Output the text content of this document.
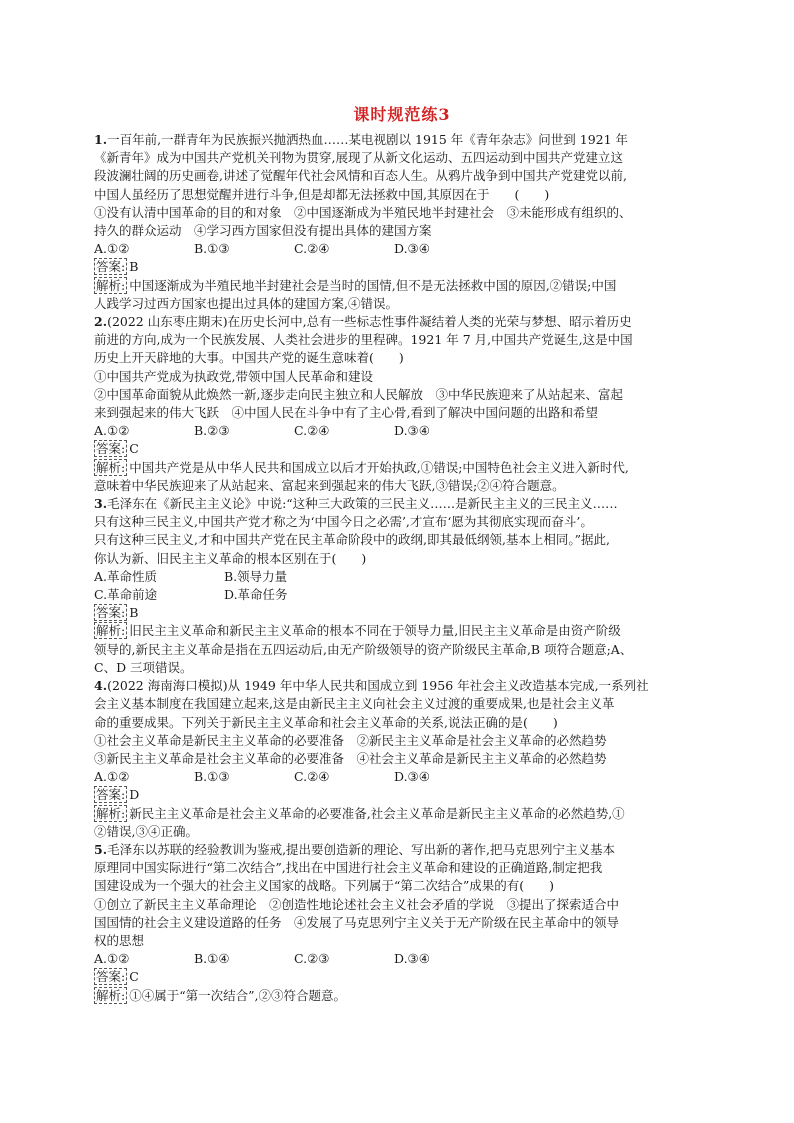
课时规范练3

1.一百年前,一群青年为民族振兴抛洒热血……某电视剧以 1915 年《青年杂志》问世到 1921 年

《新青年》成为中国共产党机关刊物为贯穿,展现了从新文化运动、五四运动到中国共产党建立这

段波澜壮阔的历史画卷,讲述了觉醒年代社会风情和百态人生。从鸦片战争到中国共产党建党以前,

中国人虽经历了思想觉醒并进行斗争,但是却都无法拯救中国,其原因在于　　(　　)

①没有认清中国革命的目的和对象　②中国逐渐成为半殖民地半封建社会　③未能形成有组织的、

持久的群众运动　④学习西方国家但没有提出具体的建国方案

A.①②	B.①③	C.②④	D.③④

答案: B

解析: 中国逐渐成为半殖民地半封建社会是当时的国情,但不是无法拯救中国的原因,②错误;中国

人践学习过西方国家也提出过具体的建国方案,④错误。

2.(2022 山东枣庄期末)在历史长河中,总有一些标志性事件凝结着人类的光荣与梦想、昭示着历史

前进的方向,成为一个民族发展、人类社会进步的里程碑。1921 年 7 月,中国共产党诞生,这是中国

历史上开天辟地的大事。中国共产党的诞生意味着(　　)

①中国共产党成为执政党,带领中国人民革命和建设

②中国革命面貌从此焕然一新,逐步走向民主独立和人民解放　③中华民族迎来了从站起来、富起

来到强起来的伟大飞跃　④中国人民在斗争中有了主心骨,看到了解决中国问题的出路和希望

A.①②	B.②③	C.②④	D.③④

答案: C

解析: 中国共产党是从中华人民共和国成立以后才开始执政,①错误;中国特色社会主义进入新时代,

意味着中华民族迎来了从站起来、富起来到强起来的伟大飞跃,③错误;②④符合题意。

3.毛泽东在《新民主主义论》中说:“这种三大政策的三民主义……是新民主主义的三民主义……

只有这种三民主义,中国共产党才称之为‘中国今日之必需’,才宣布‘愿为其彻底实现而奋斗’。

只有这种三民主义,才和中国共产党在民主革命阶段中的政纲,即其最低纲领,基本上相同。”据此,

你认为新、旧民主主义革命的根本区别在于(　　)

A.革命性质	B.领导力量
C.革命前途	D.革命任务

答案: B

解析: 旧民主主义革命和新民主主义革命的根本不同在于领导力量,旧民主主义革命是由资产阶级

领导的,新民主主义革命是指在五四运动后,由无产阶级领导的资产阶级民主革命,B 项符合题意;A、

C、D 三项错误。

4.(2022 海南海口模拟)从 1949 年中华人民共和国成立到 1956 年社会主义改造基本完成,一系列社

会主义基本制度在我国建立起来,这是由新民主主义向社会主义过渡的重要成果,也是社会主义革

命的重要成果。下列关于新民主主义革命和社会主义革命的关系,说法正确的是(　　)

①社会主义革命是新民主主义革命的必要准备　②新民主主义革命是社会主义革命的必然趋势

③新民主主义革命是社会主义革命的必要准备　④社会主义革命是新民主主义革命的必然趋势

A.①②	B.①③	C.②④	D.③④

答案: D

解析: 新民主主义革命是社会主义革命的必要准备,社会主义革命是新民主主义革命的必然趋势,①

②错误,③④正确。

5.毛泽东以苏联的经验教训为鉴戒,提出要创造新的理论、写出新的著作,把马克思列宁主义基本

原理同中国实际进行“第二次结合”,找出在中国进行社会主义革命和建设的正确道路,制定把我

国建设成为一个强大的社会主义国家的战略。下列属于“第二次结合”成果的有(　　)

①创立了新民主主义革命理论　②创造性地论述社会主义社会矛盾的学说　③提出了探索适合中

国国情的社会主义建设道路的任务　④发展了马克思列宁主义关于无产阶级在民主革命中的领导

权的思想

A.①②	B.①④	C.②③	D.③④

答案: C

解析: ①④属于“第一次结合”,②③符合题意。
